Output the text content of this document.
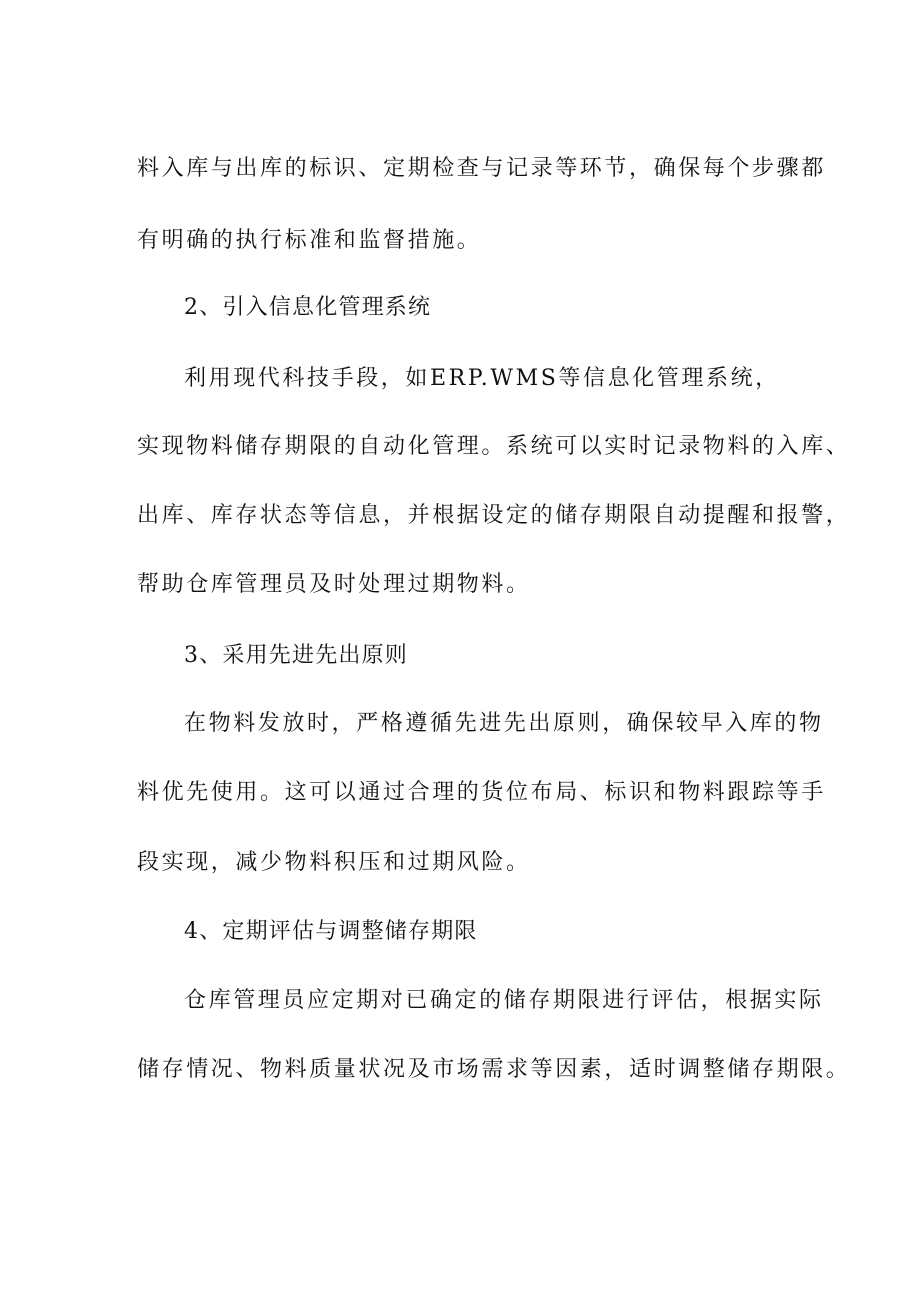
料入库与出库的标识、定期检查与记录等环节，确保每个步骤都
有明确的执行标准和监督措施。
2、引入信息化管理系统
利用现代科技手段，如ERP.WMS等信息化管理系统，
实现物料储存期限的自动化管理。系统可以实时记录物料的入库、
出库、库存状态等信息，并根据设定的储存期限自动提醒和报警，
帮助仓库管理员及时处理过期物料。
3、采用先进先出原则
在物料发放时，严格遵循先进先出原则，确保较早入库的物
料优先使用。这可以通过合理的货位布局、标识和物料跟踪等手
段实现，减少物料积压和过期风险。
4、定期评估与调整储存期限
仓库管理员应定期对已确定的储存期限进行评估，根据实际
储存情况、物料质量状况及市场需求等因素，适时调整储存期限。
